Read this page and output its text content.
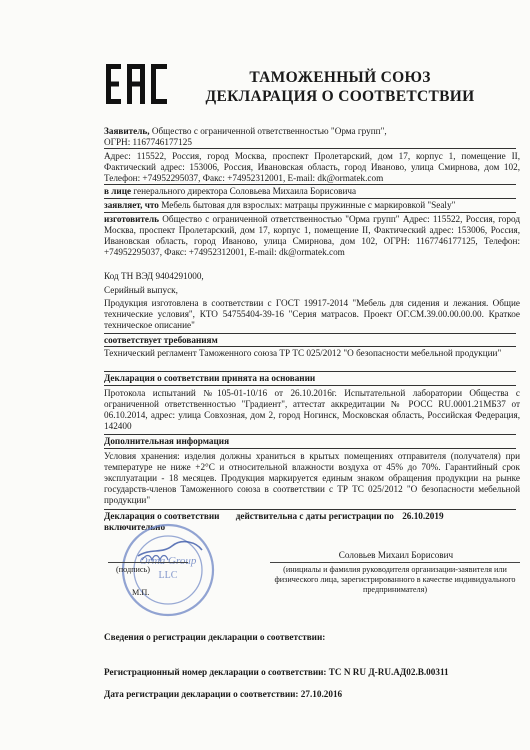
ТАМОЖЕННЫЙ СОЮЗ
ДЕКЛАРАЦИЯ О СООТВЕТСТВИИ
Заявитель, Общество с ограниченной ответственностью "Орма групп",
ОГРН: 1167746177125
Адрес: 115522, Россия, город Москва, проспект Пролетарский, дом 17, корпус 1, помещение II, Фактический адрес: 153006, Россия, Ивановская область, город Иваново, улица Смирнова, дом 102, Телефон: +74952295037, Факс: +74952312001, E-mail: dk@ormatek.com
в лице генерального директора Соловьева Михаила Борисовича
заявляет, что Мебель бытовая для взрослых: матрацы пружинные с маркировкой "Sealy"
изготовитель Общество с ограниченной ответственностью "Орма групп" Адрес: 115522, Россия, город Москва, проспект Пролетарский, дом 17, корпус 1, помещение II, Фактический адрес: 153006, Россия, Ивановская область, город Иваново, улица Смирнова, дом 102, ОГРН: 1167746177125, Телефон: +74952295037, Факс: +74952312001, E-mail: dk@ormatek.com
Код ТН ВЭД 9404291000,
Серийный выпуск,
Продукция изготовлена в соответствии с ГОСТ 19917-2014 "Мебель для сидения и лежания. Общие технические условия", КТО 54755404-39-16 "Серия матрасов. Проект ОГ.СМ.39.00.00.00.00. Краткое техническое описание"
соответствует требованиям
Технический регламент Таможенного союза ТР ТС 025/2012 "О безопасности мебельной продукции"
Декларация о соответствии принята на основании
Протокола испытаний №105-01-10/16 от 26.10.2016г. Испытательной лаборатории Общества с ограниченной ответственностью "Градиент", аттестат аккредитации № РОСС RU.0001.21МБ37 от 06.10.2014, адрес: улица Совхозная, дом 2, город Ногинск, Московская область, Российская Федерация, 142400
Дополнительная информация
Условия хранения: изделия должны храниться в крытых помещениях отправителя (получателя) при температуре не ниже +2°С и относительной влажности воздуха от 45% до 70%. Гарантийный срок эксплуатации - 18 месяцев. Продукция маркируется единым знаком обращения продукции на рынке государств-членов Таможенного союза в соответствии с ТР ТС 025/2012 "О безопасности мебельной продукции"
Декларация о соответствии действительна с даты регистрации по 26.10.2019
включительно
Orma Group
LLC
(подпись)
М.П.
Соловьев Михаил Борисович
(инициалы и фамилия руководителя организации-заявителя или физического лица, зарегистрированного в качестве индивидуального предпринимателя)
Сведения о регистрации декларации о соответствии:
Регистрационный номер декларации о соответствии: ТС N RU Д-RU.АД02.В.00311
Дата регистрации декларации о соответствии: 27.10.2016
